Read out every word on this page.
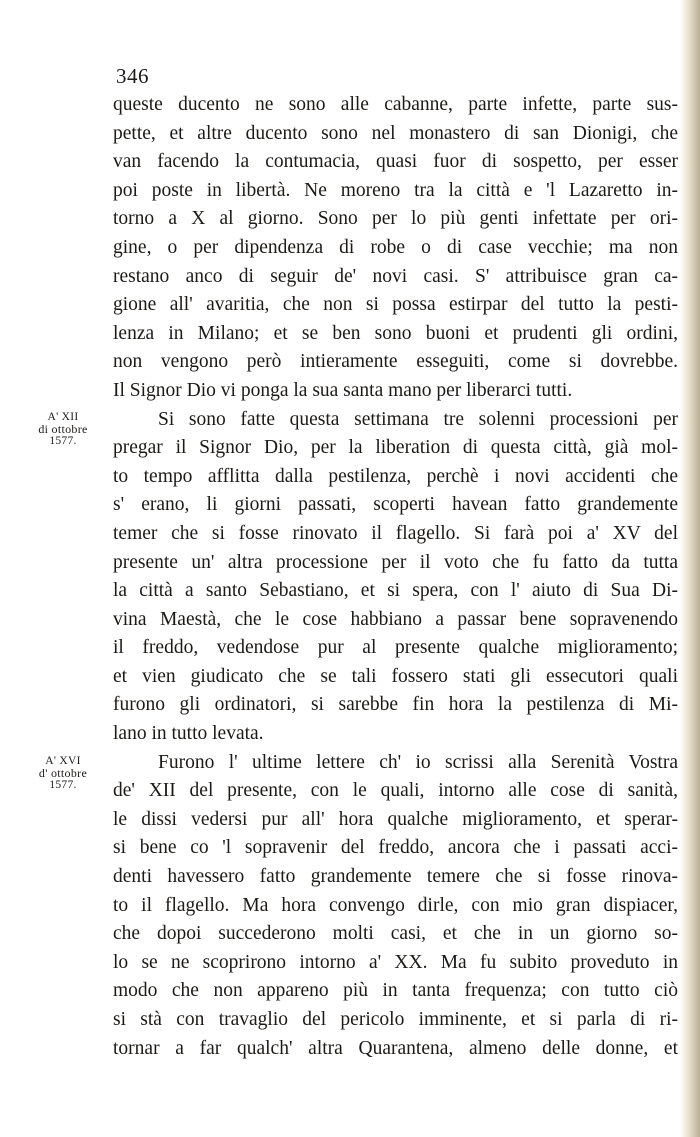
346
A' XII
di ottobre
1577.
A' XVI
d' ottobre
1577.
queste ducento ne sono alle cabanne, parte infette, parte sus-
pette, et altre ducento sono nel monastero di san Dionigi, che
van facendo la contumacia, quasi fuor di sospetto, per esser
poi poste in libertà. Ne moreno tra la città e 'l Lazaretto in-
torno a X al giorno. Sono per lo più genti infettate per ori-
gine, o per dipendenza di robe o di case vecchie; ma non
restano anco di seguir de' novi casi. S' attribuisce gran ca-
gione all' avaritia, che non si possa estirpar del tutto la pesti-
lenza in Milano; et se ben sono buoni et prudenti gli ordini,
non vengono però intieramente esseguiti, come si dovrebbe.
Il Signor Dio vi ponga la sua santa mano per liberarci tutti.
Si sono fatte questa settimana tre solenni processioni per
pregar il Signor Dio, per la liberation di questa città, già mol-
to tempo afflitta dalla pestilenza, perchè i novi accidenti che
s' erano, li giorni passati, scoperti havean fatto grandemente
temer che si fosse rinovato il flagello. Si farà poi a' XV del
presente un' altra processione per il voto che fu fatto da tutta
la città a santo Sebastiano, et si spera, con l' aiuto di Sua Di-
vina Maestà, che le cose habbiano a passar bene sopravenendo
il freddo, vedendose pur al presente qualche miglioramento;
et vien giudicato che se tali fossero stati gli essecutori quali
furono gli ordinatori, si sarebbe fin hora la pestilenza di Mi-
lano in tutto levata.
Furono l' ultime lettere ch' io scrissi alla Serenità Vostra
de' XII del presente, con le quali, intorno alle cose di sanità,
le dissi vedersi pur all' hora qualche miglioramento, et sperar-
si bene co 'l sopravenir del freddo, ancora che i passati acci-
denti havessero fatto grandemente temere che si fosse rinova-
to il flagello. Ma hora convengo dirle, con mio gran dispiacer,
che dopoi succederono molti casi, et che in un giorno so-
lo se ne scoprirono intorno a' XX. Ma fu subito proveduto in
modo che non appareno più in tanta frequenza; con tutto ciò
si stà con travaglio del pericolo imminente, et si parla di ri-
tornar a far qualch' altra Quarantena, almeno delle donne, et
